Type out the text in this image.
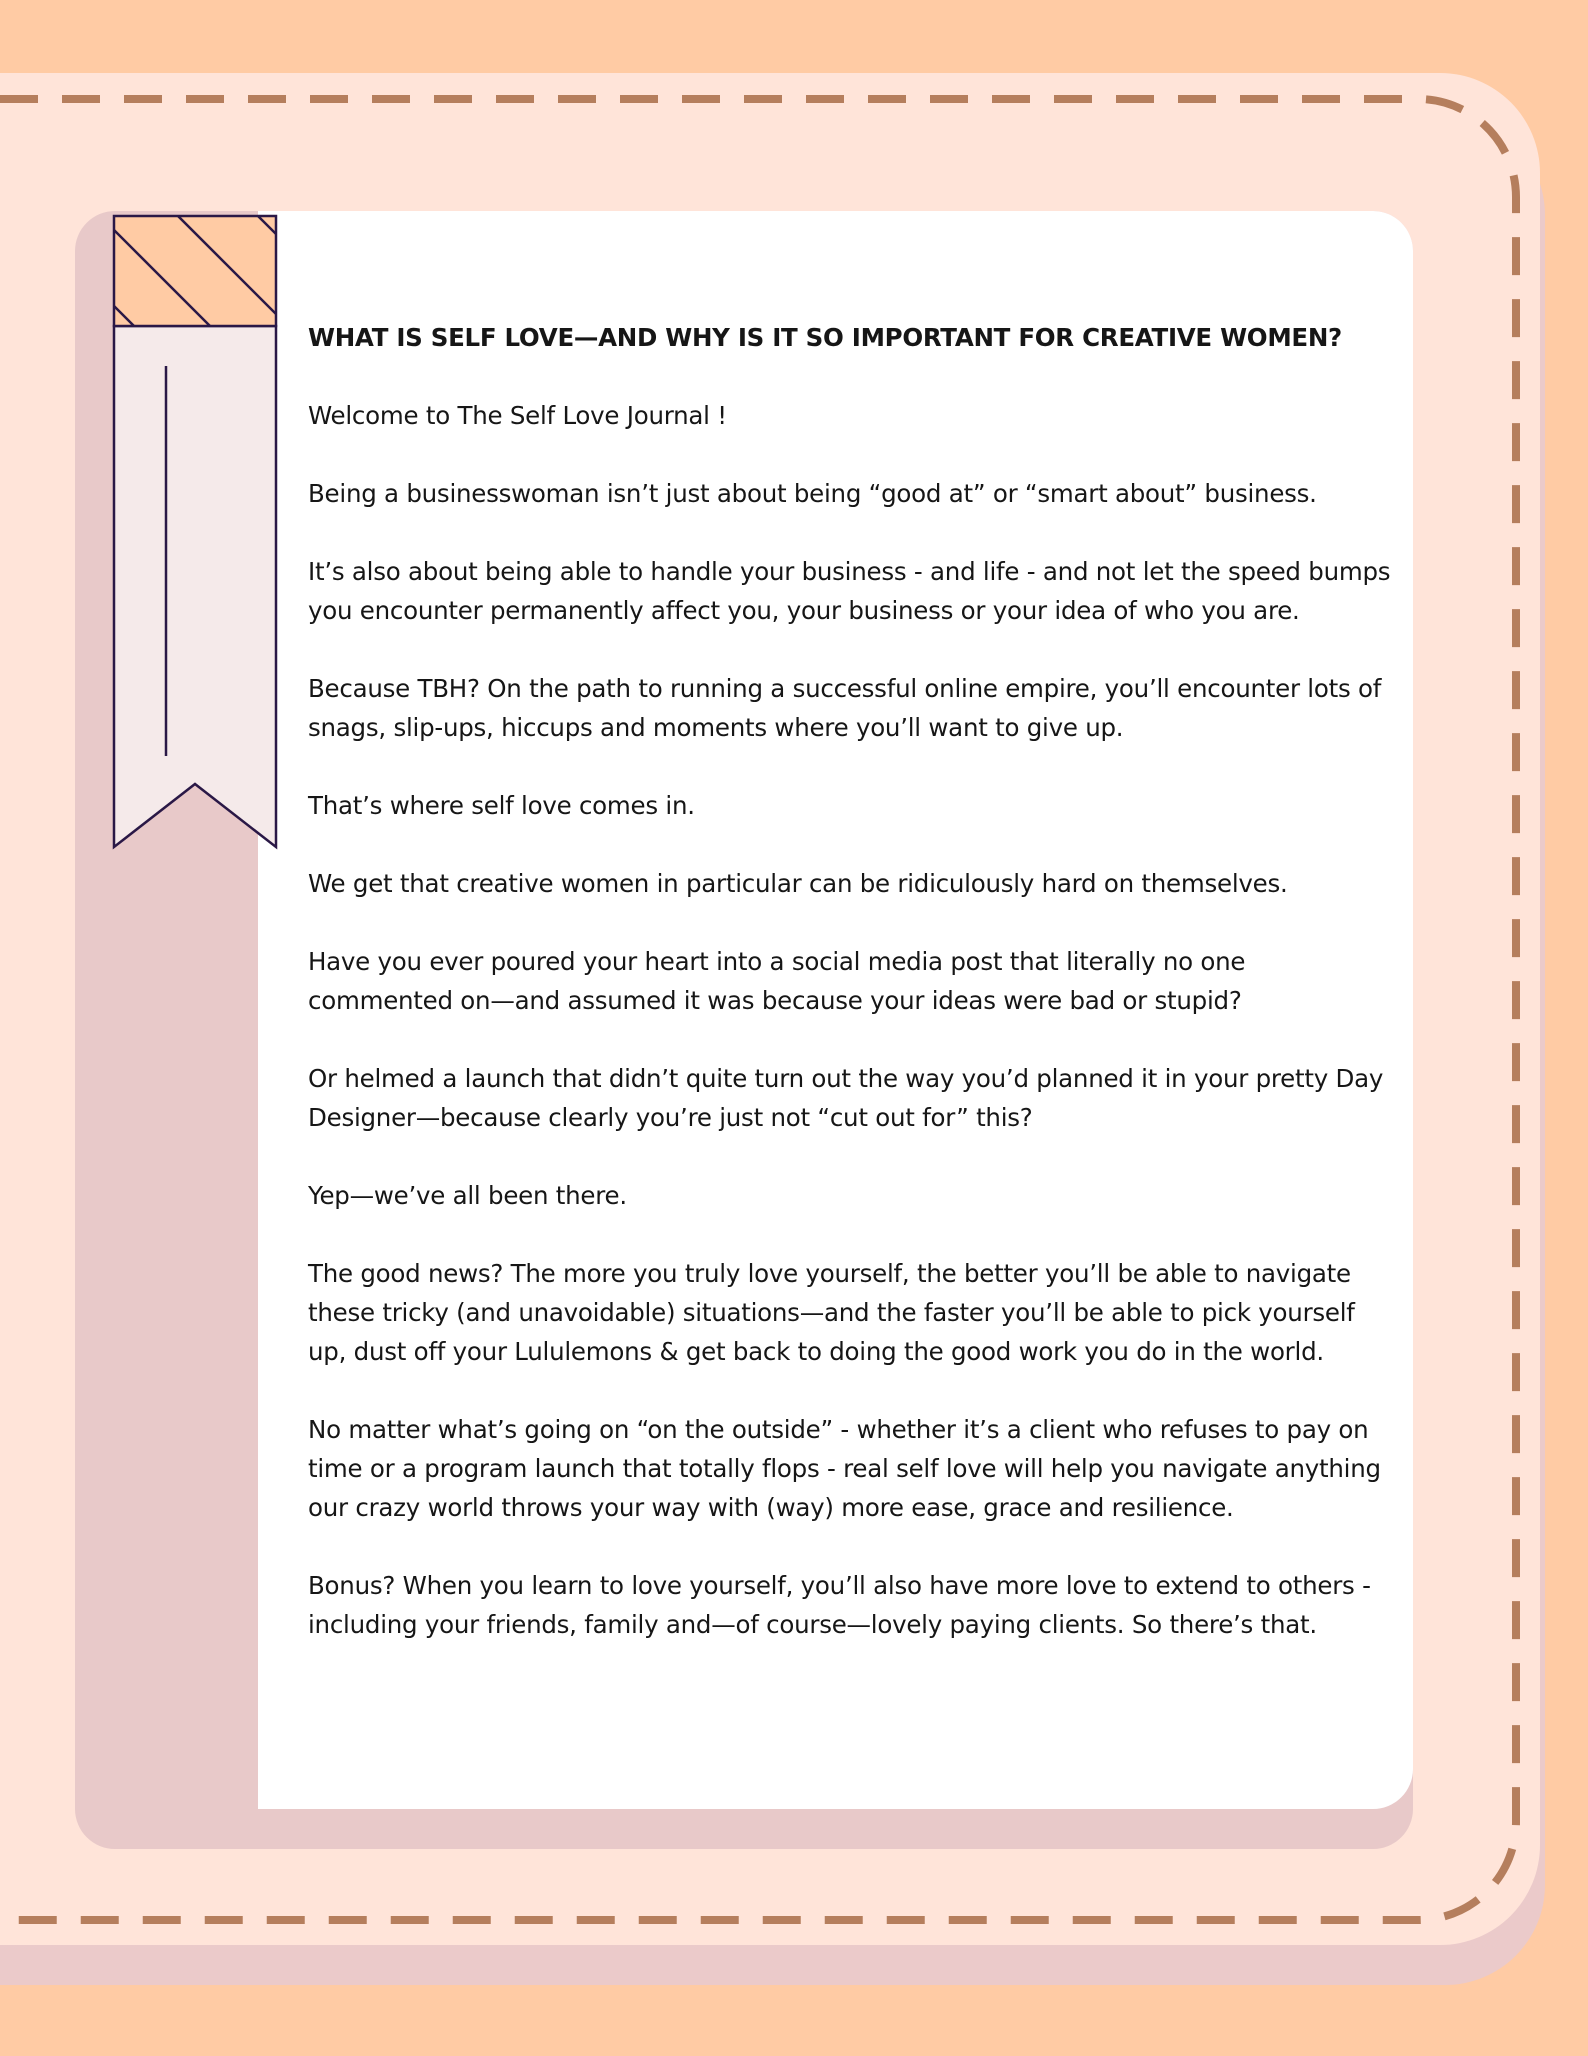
WHAT IS SELF LOVE—AND WHY IS IT SO IMPORTANT FOR CREATIVE WOMEN?

Welcome to The Self Love Journal !

Being a businesswoman isn’t just about being “good at” or “smart about” business.

It’s also about being able to handle your business - and life - and not let the speed bumps you encounter permanently affect you, your business or your idea of who you are.

Because TBH? On the path to running a successful online empire, you’ll encounter lots of snags, slip-ups, hiccups and moments where you’ll want to give up.

That’s where self love comes in.

We get that creative women in particular can be ridiculously hard on themselves.

Have you ever poured your heart into a social media post that literally no one commented on—and assumed it was because your ideas were bad or stupid?

Or helmed a launch that didn’t quite turn out the way you’d planned it in your pretty Day Designer—because clearly you’re just not “cut out for” this?

Yep—we’ve all been there.

The good news? The more you truly love yourself, the better you’ll be able to navigate these tricky (and unavoidable) situations—and the faster you’ll be able to pick yourself up, dust off your Lululemons & get back to doing the good work you do in the world.

No matter what’s going on “on the outside” - whether it’s a client who refuses to pay on time or a program launch that totally flops - real self love will help you navigate anything our crazy world throws your way with (way) more ease, grace and resilience.

Bonus? When you learn to love yourself, you’ll also have more love to extend to others - including your friends, family and—of course—lovely paying clients. So there’s that.
